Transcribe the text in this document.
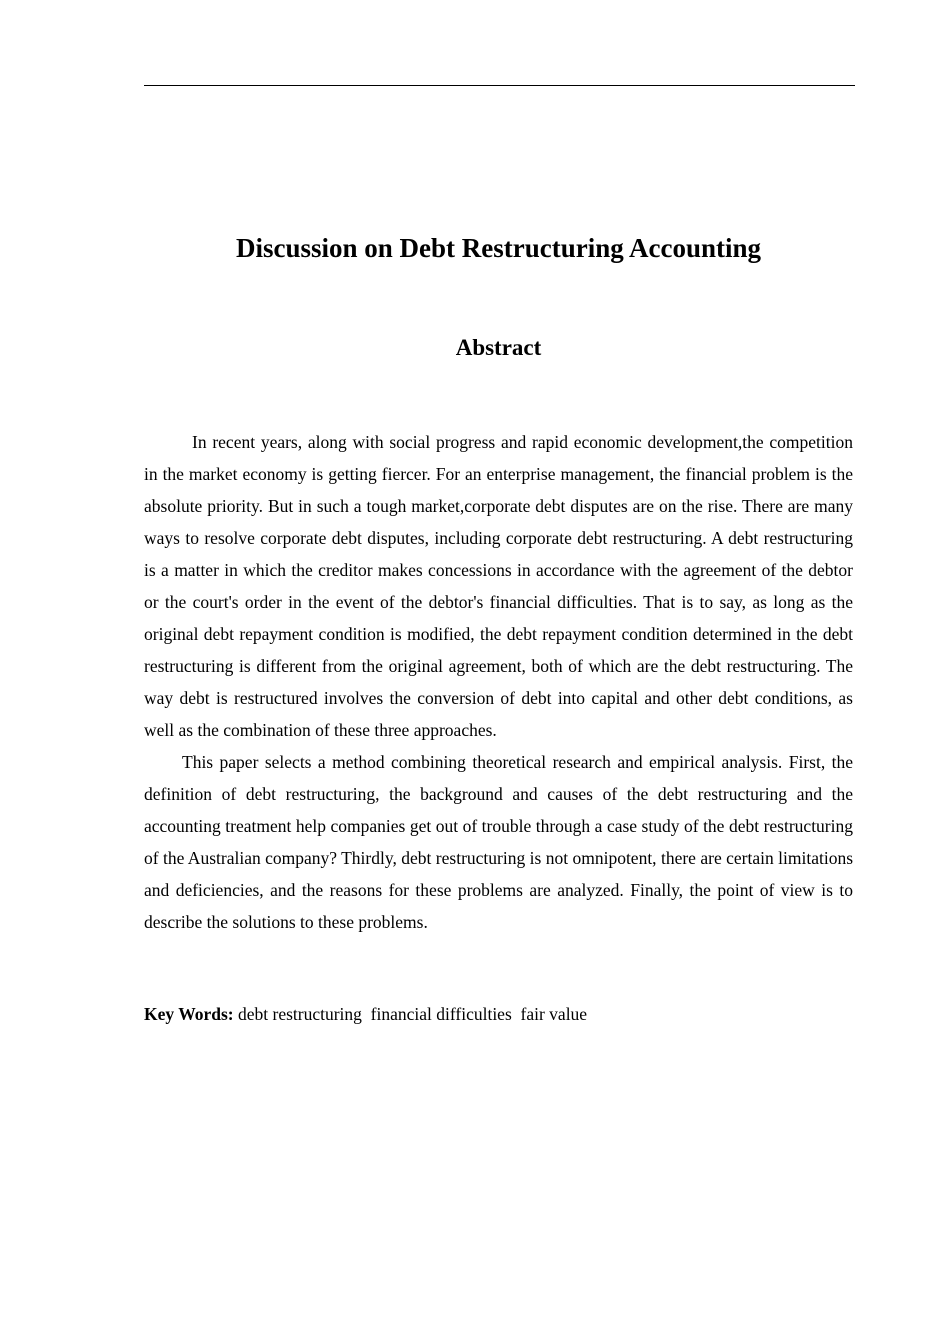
Discussion on Debt Restructuring Accounting
Abstract

In recent years, along with social progress and rapid economic development,the competition in the market economy is getting fiercer. For an enterprise management, the financial problem is the absolute priority. But in such a tough market,corporate debt disputes are on the rise. There are many ways to resolve corporate debt disputes, including corporate debt restructuring. A debt restructuring is a matter in which the creditor makes concessions in accordance with the agreement of the debtor or the court's order in the event of the debtor's financial difficulties. That is to say, as long as the original debt repayment condition is modified, the debt repayment condition determined in the debt restructuring is different from the original agreement, both of which are the debt restructuring. The way debt is restructured involves the conversion of debt into capital and other debt conditions, as well as the combination of these three approaches.

This paper selects a method combining theoretical research and empirical analysis. First, the definition of debt restructuring, the background and causes of the debt restructuring and the accounting treatment help companies get out of trouble through a case study of the debt restructuring of the Australian company? Thirdly, debt restructuring is not omnipotent, there are certain limitations and deficiencies, and the reasons for these problems are analyzed. Finally, the point of view is to describe the solutions to these problems.

Key Words: debt restructuring financial difficulties fair value
